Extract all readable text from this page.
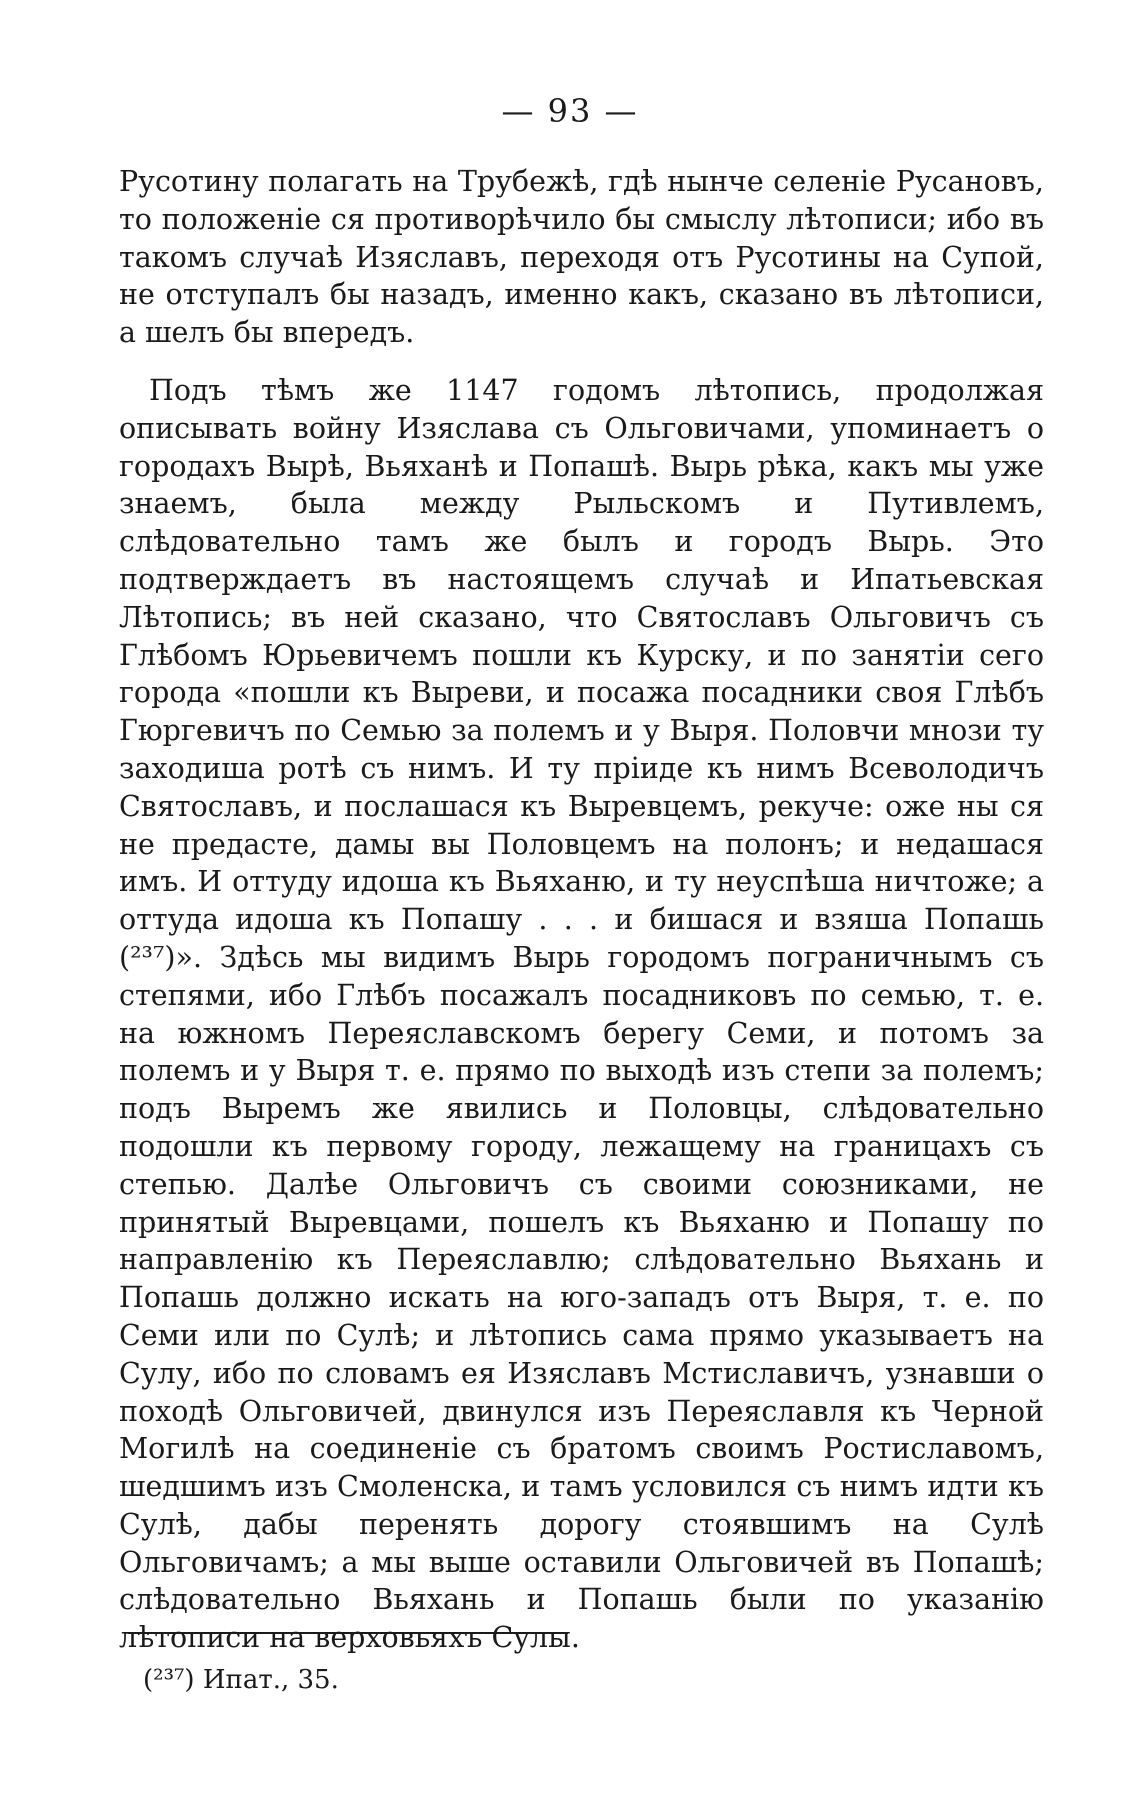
— 93 —

Русотину полагать на Трубежѣ, гдѣ нынче селенiе Русановъ, то положенiе ся противорѣчило бы смыслу лѣтописи; ибо въ такомъ случаѣ Изяславъ, переходя отъ Русотины на Супой, не отступалъ бы назадъ, именно какъ, сказано въ лѣтописи, а шелъ бы впередъ.

Подъ тѣмъ же 1147 годомъ лѣтопись, продолжая описывать войну Изяслава съ Ольговичами, упоминаетъ о городахъ Вырѣ, Вьяханѣ и Попашѣ. Вырь рѣка, какъ мы уже знаемъ, была между Рыльскомъ и Путивлемъ, слѣдовательно тамъ же былъ и городъ Вырь. Это подтверждаетъ въ настоящемъ случаѣ и Ипатьевская Лѣтопись; въ ней сказано, что Святославъ Ольговичъ съ Глѣбомъ Юрьевичемъ пошли къ Курску, и по занятiи сего города «пошли къ Выреви, и посажа посадники своя Глѣбъ Гюргевичъ по Семью за полемъ и у Выря. Половчи мнози ту заходиша ротѣ съ нимъ. И ту прiиде къ нимъ Всеволодичъ Святославъ, и послашася къ Выревцемъ, рекуче: оже ны ся не предасте, дамы вы Половцемъ на полонъ; и недашася имъ. И оттуду идоша къ Вьяханю, и ту неуспѣша ничтоже; а оттуда идоша къ Попашу . . . и бишася и взяша Попашь (²³⁷)». Здѣсь мы видимъ Вырь городомъ пограничнымъ съ степями, ибо Глѣбъ посажалъ посадниковъ по семью, т. е. на южномъ Переяславскомъ берегу Семи, и потомъ за полемъ и у Выря т. е. прямо по выходѣ изъ степи за полемъ; подъ Выремъ же явились и Половцы, слѣдовательно подошли къ первому городу, лежащему на границахъ съ степью. Далѣе Ольговичъ съ своими союзниками, не принятый Выревцами, пошелъ къ Вьяханю и Попашу по направленiю къ Переяславлю; слѣдовательно Вьяхань и Попашь должно искать на юго-западъ отъ Выря, т. е. по Семи или по Сулѣ; и лѣтопись сама прямо указываетъ на Сулу, ибо по словамъ ея Изяславъ Мстиславичъ, узнавши о походѣ Ольговичей, двинулся изъ Переяславля къ Черной Могилѣ на соединенiе съ братомъ своимъ Ростиславомъ, шедшимъ изъ Смоленска, и тамъ условился съ нимъ идти къ Сулѣ, дабы перенять дорогу стоявшимъ на Сулѣ Ольговичамъ; а мы выше оставили Ольговичей въ Попашѣ; слѣдовательно Вьяхань и Попашь были по указанiю лѣтописи на верховьяхъ Сулы.

(²³⁷) Ипат., 35.
